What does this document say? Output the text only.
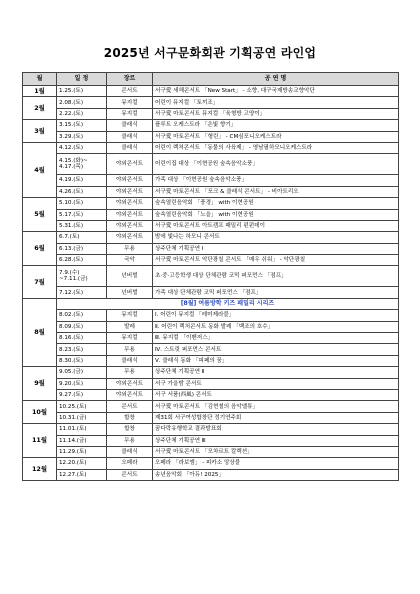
2025년 서구문화회관 기획공연 라인업
월	일 정	장르	공 연 명
1월	1.25.(토)	콘서트	서구愛 새해콘서트 「New Start」 - 소향, 대구국제방송교향악단
2월	2.08.(토)	뮤지컬	어린이 뮤지컬 「토끼조」
	2.22.(토)	뮤지컬	서구愛 마토콘서트 뮤지컬 「육형방 고양이」
3월	3.15.(토)	클래식	플루트 오케스트라 「은빛 향기」
	3.29.(토)	클래식	서구愛 마토콘서트 「형린」 - CM심포니오케스트라
4월	4.12.(토)	클래식	어린이 렉처콘서트 「동물의 사육제」 - 영남필하모니오케스트라
	4.15.(화)~
4.17.(목)	야외콘서트	어린이집 대상 「이현공원 숲속음악소풍」
	4.19.(토)	야외콘서트	가족 대상 「이현공원 숲속음악소풍」
	4.26.(토)	야외콘서트	서구愛 마토콘서트 「포크 & 클래식 콘서트」 - 비아트리오
5월	5.10.(토)	야외콘서트	숲속열린음악회 「풍경」 with 이현공원
	5.17.(토)	야외콘서트	숲속열린음악회 「노을」 with 이현공원
	5.31.(토)	야외콘서트	서구愛 마토콘서트 아트캠프 패밀리 펀펀데이
6월	6.7.(토)	야외콘서트	밤에 빛나는 하모니 콘서트
	6.13.(금)	무용	상주단체 기획공연 Ⅰ
	6.28.(토)	국악	서구愛 마토콘서트 악단광칠 콘서트 「매우 쉬워」 - 악단광칠
7월	7.9.(수)
~7.11.(금)	넌버벌	초·중·고등학생 대상 단체관람 코믹 퍼포먼스 「점프」
	7.12.(토)	넌버벌	가족 대상 단체관람 코믹 퍼포먼스 「점프」
8월	[8월] 여름방학 키즈 패밀리 시리즈		
	8.02.(토)	뮤지컬	Ⅰ. 어린이 뮤지컬 「레미제라블」
	8.09.(토)	발레	Ⅱ. 어린이 렉처콘서트 동화 발레 「백조의 호수」
	8.16.(토)	뮤지컬	Ⅲ. 뮤지컬 「이벤저스」
	8.23.(토)	무용	Ⅳ. 스트릿 퍼포먼스 콘서트
	8.30.(토)	클래식	Ⅴ. 클래식 동화 「피페의 꿈」
9월	9.05.(금)	무용	상주단체 기획공연 Ⅱ
	9.20.(토)	야외콘서트	서구 가을밤 콘서트
	9.27.(토)	야외콘서트	서구 서품(西風) 콘서트
10월	10.25.(토)	콘서트	서구愛 마토콘서트 「김현철의 음악앨튜」
	10.31.(금)	합창	제31회 서구여성합창단 정기연주회
11월	11.01.(토)	합창	꿈다락유행학교 결과발표회
	11.14.(금)	무용	상주단체 기획공연 Ⅲ
	11.29.(토)	클래식	서구愛 마토콘서트 「모차르트 칼렉션」
12월	12.20.(토)	오페라	오페라 「라보엠」 - 피카소 앙상블
	12.27.(토)	콘서트	송년음악회 「아듀! 2025」
